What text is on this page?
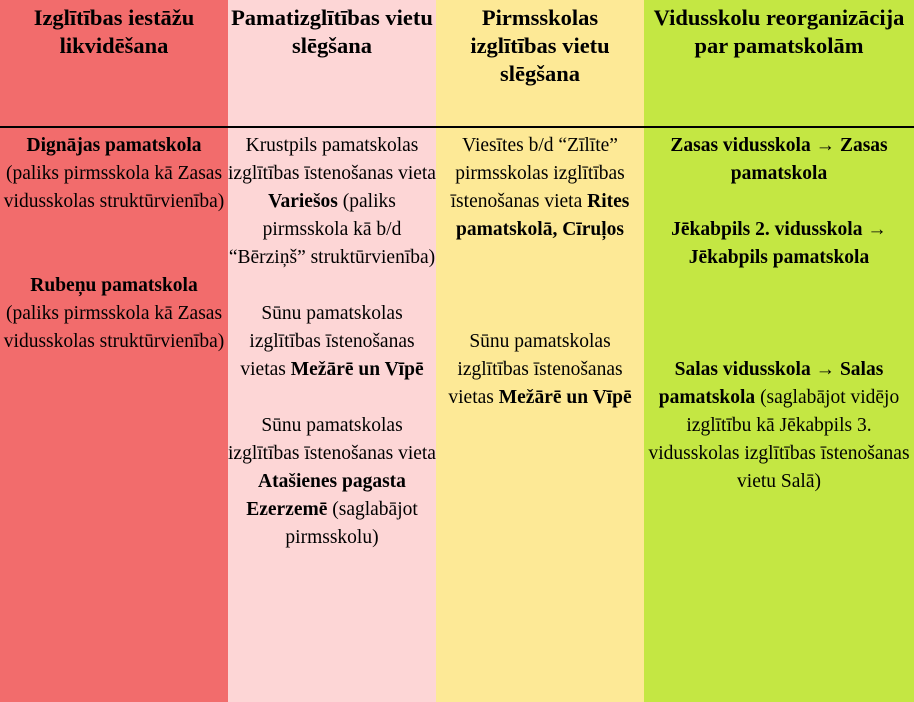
Izglītības iestāžu likvidēšana
Pamatizglītības vietu slēgšana
Pirmsskolas izglītības vietu slēgšana
Vidusskolu reorganizācija par pamatskolām
Dignājas pamatskola (paliks pirmsskola kā Zasas vidusskolas struktūrvienība)
Rubeņu pamatskola (paliks pirmsskola kā Zasas vidusskolas struktūrvienība)
Krustpils pamatskolas izglītības īstenošanas vieta Variešos (paliks pirmsskola kā b/d “Bērziņš” struktūrvienība)
Sūnu pamatskolas izglītības īstenošanas vietas Mežārē un Vīpē
Sūnu pamatskolas izglītības īstenošanas vieta Atašienes pagasta Ezerzemē (saglabājot pirmsskolu)
Viesītes b/d “Zīlīte” pirmsskolas izglītības īstenošanas vieta Rites pamatskolā, Cīruļos
Sūnu pamatskolas izglītības īstenošanas vietas Mežārē un Vīpē
Zasas vidusskola → Zasas pamatskola
Jēkabpils 2. vidusskola → Jēkabpils pamatskola
Salas vidusskola → Salas pamatskola (saglabājot vidējo izglītību kā Jēkabpils 3. vidusskolas izglītības īstenošanas vietu Salā)
